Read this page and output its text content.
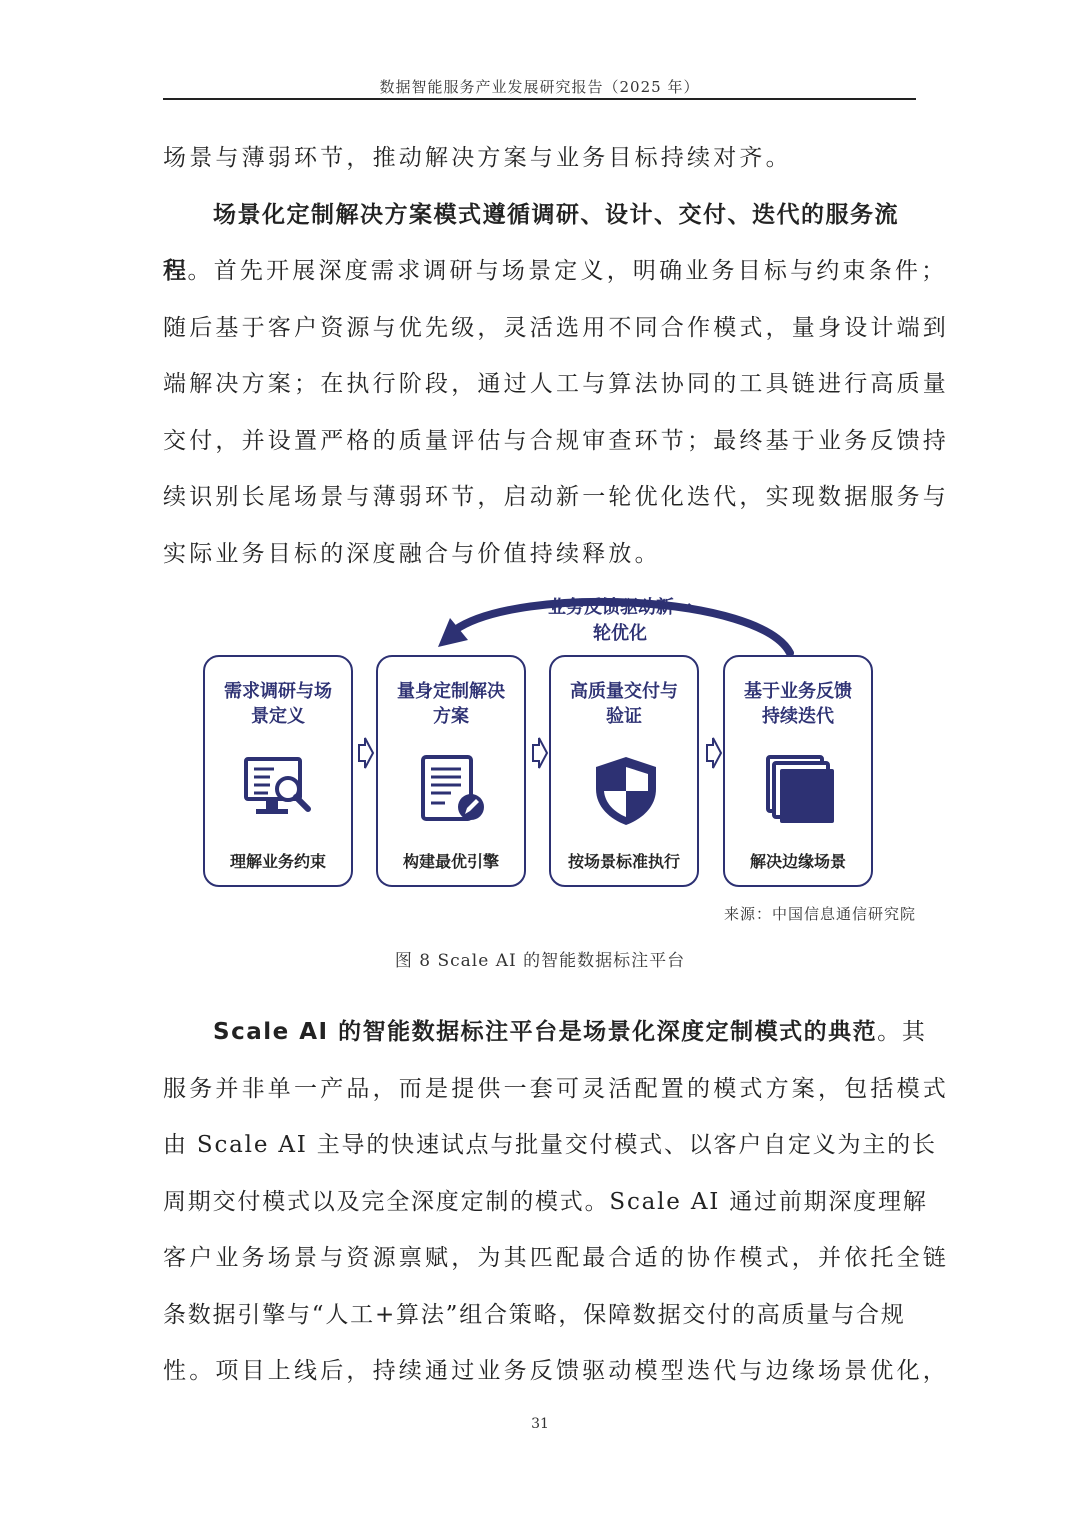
数据智能服务产业发展研究报告（2025 年）
场景与薄弱环节，推动解决方案与业务目标持续对齐。
场景化定制解决方案模式遵循调研、设计、交付、迭代的服务流
程。首先开展深度需求调研与场景定义，明确业务目标与约束条件；
随后基于客户资源与优先级，灵活选用不同合作模式，量身设计端到
端解决方案；在执行阶段，通过人工与算法协同的工具链进行高质量
交付，并设置严格的质量评估与合规审查环节；最终基于业务反馈持
续识别长尾场景与薄弱环节，启动新一轮优化迭代，实现数据服务与
实际业务目标的深度融合与价值持续释放。
业务反馈驱动新一
轮优化
需求调研与场
景定义
理解业务约束
量身定制解决
方案
构建最优引擎
高质量交付与
验证
按场景标准执行
基于业务反馈
持续迭代
解决边缘场景
来源：中国信息通信研究院
图 8 Scale AI 的智能数据标注平台
Scale AI 的智能数据标注平台是场景化深度定制模式的典范。其
服务并非单一产品，而是提供一套可灵活配置的模式方案，包括模式
由 Scale AI 主导的快速试点与批量交付模式、以客户自定义为主的长
周期交付模式以及完全深度定制的模式。Scale AI 通过前期深度理解
客户业务场景与资源禀赋，为其匹配最合适的协作模式，并依托全链
条数据引擎与“人工+算法”组合策略，保障数据交付的高质量与合规
性。项目上线后，持续通过业务反馈驱动模型迭代与边缘场景优化，
31
